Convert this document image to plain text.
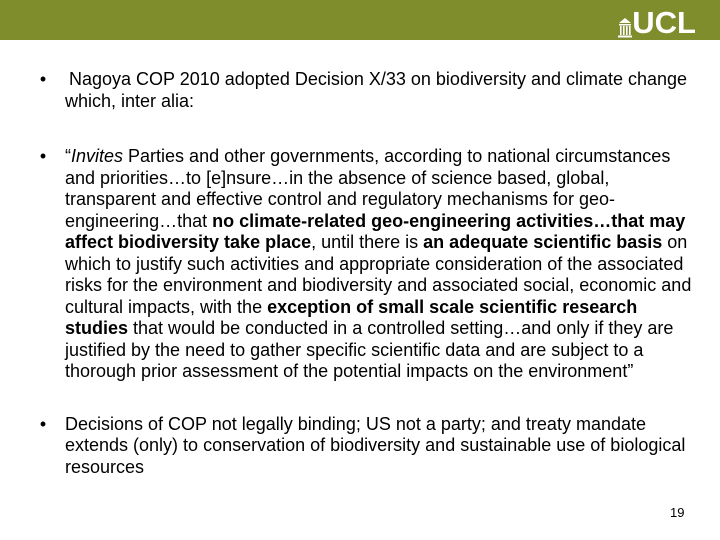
UCL
• Nagoya COP 2010 adopted Decision X/33 on biodiversity and climate change which, inter alia:
• “Invites Parties and other governments, according to national circumstances and priorities…to [e]nsure…in the absence of science based, global, transparent and effective control and regulatory mechanisms for geo-engineering…that no climate-related geo-engineering activities…that may affect biodiversity take place, until there is an adequate scientific basis on which to justify such activities and appropriate consideration of the associated risks for the environment and biodiversity and associated social, economic and cultural impacts, with the exception of small scale scientific research studies that would be conducted in a controlled setting…and only if they are justified by the need to gather specific scientific data and are subject to a thorough prior assessment of the potential impacts on the environment”
• Decisions of COP not legally binding; US not a party; and treaty mandate extends (only) to conservation of biodiversity and sustainable use of biological resources
19
